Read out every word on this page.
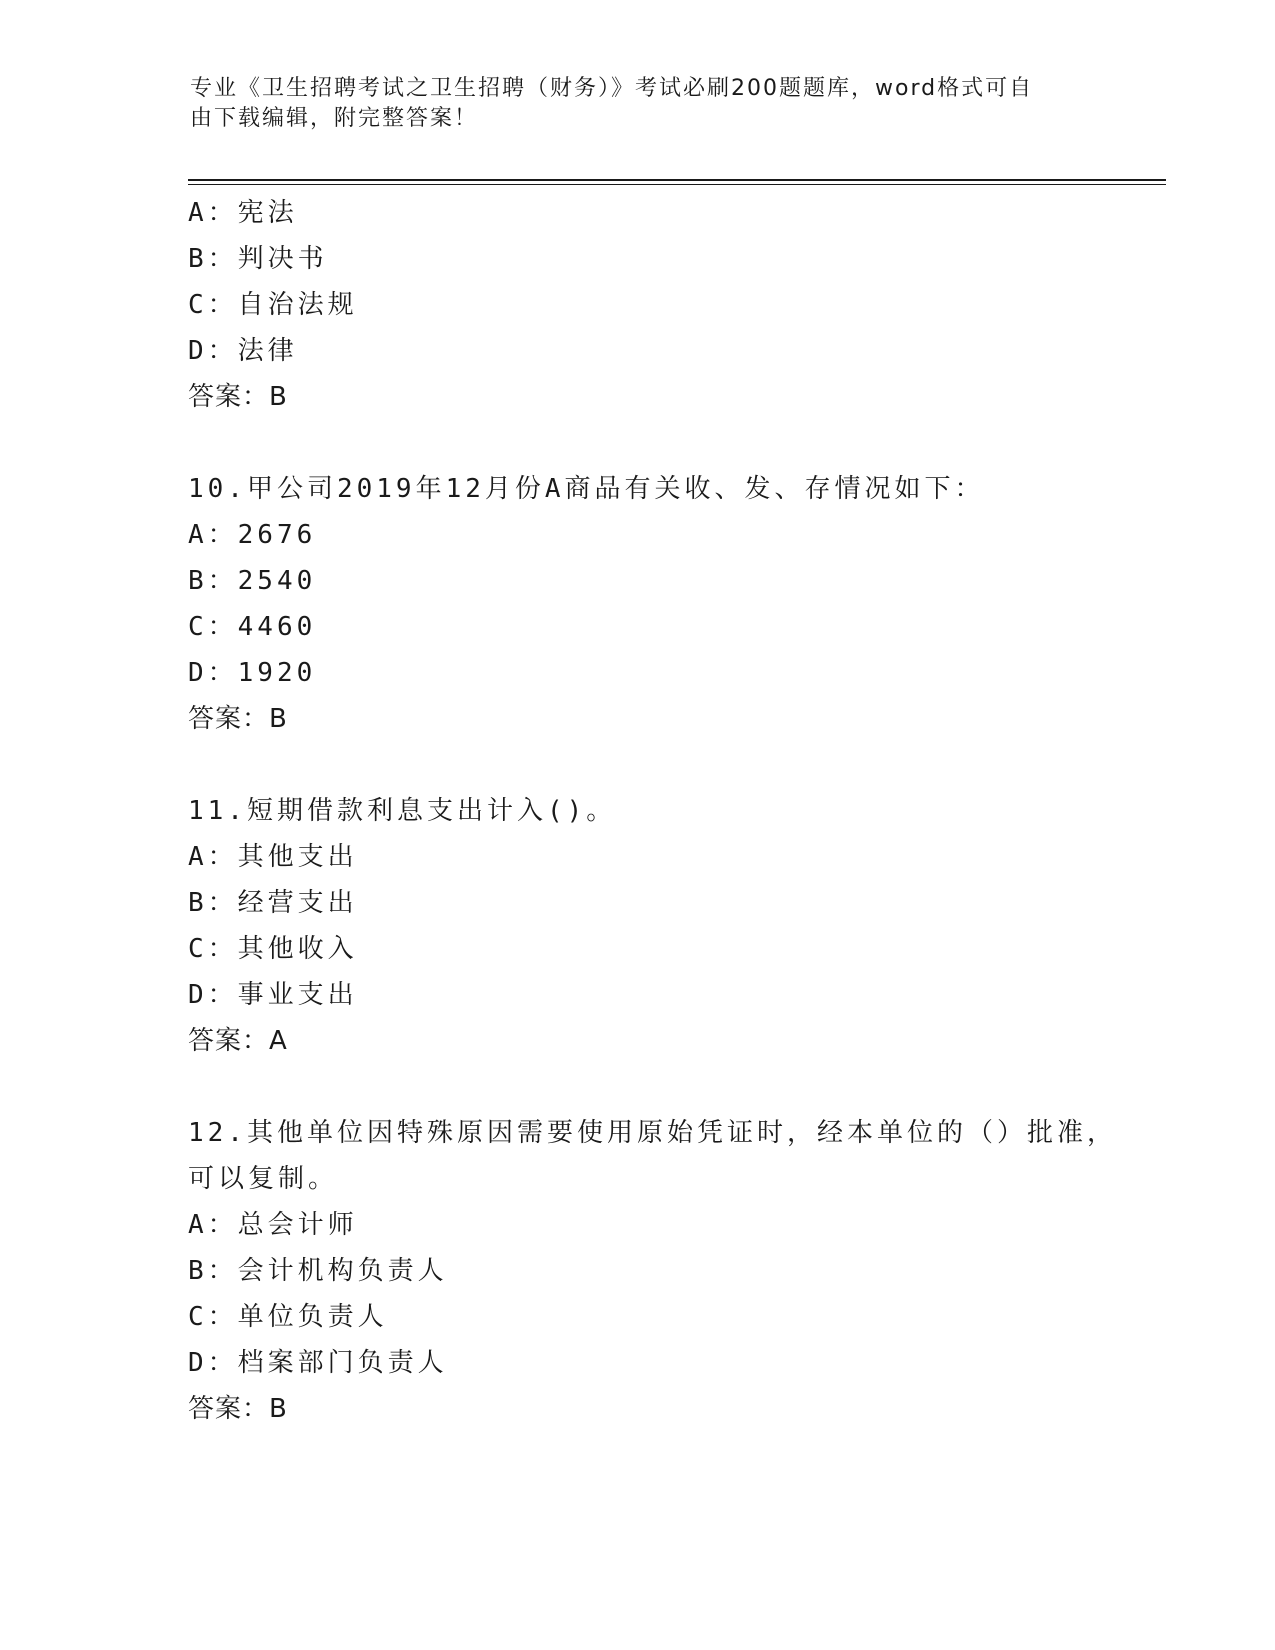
专业《卫生招聘考试之卫生招聘（财务）》考试必刷200题题库，word格式可自
由下载编辑，附完整答案！
A：宪法
B：判决书
C：自治法规
D：法律
答案：B
10.甲公司2019年12月份A商品有关收、发、存情况如下：
A：2676
B：2540
C：4460
D：1920
答案：B
11.短期借款利息支出计入()。
A：其他支出
B：经营支出
C：其他收入
D：事业支出
答案：A
12.其他单位因特殊原因需要使用原始凭证时，经本单位的（）批准，
可以复制。
A：总会计师
B：会计机构负责人
C：单位负责人
D：档案部门负责人
答案：B
